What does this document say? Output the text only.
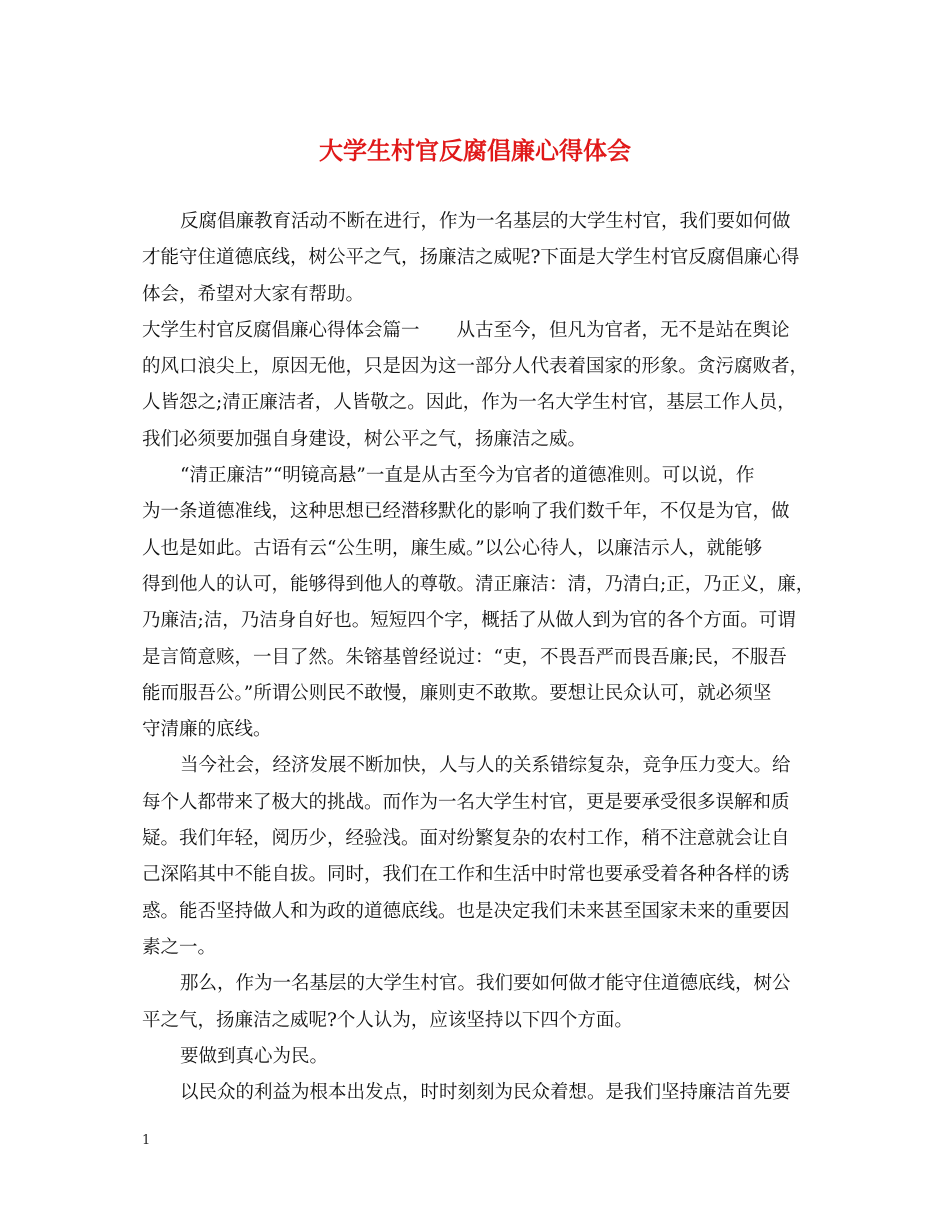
大学生村官反腐倡廉心得体会
反腐倡廉教育活动不断在进行，作为一名基层的大学生村官，我们要如何做
才能守住道德底线，树公平之气，扬廉洁之威呢?下面是大学生村官反腐倡廉心得
体会，希望对大家有帮助。
大学生村官反腐倡廉心得体会篇一　　从古至今，但凡为官者，无不是站在舆论
的风口浪尖上，原因无他，只是因为这一部分人代表着国家的形象。贪污腐败者，
人皆怨之;清正廉洁者，人皆敬之。因此，作为一名大学生村官，基层工作人员，
我们必须要加强自身建设，树公平之气，扬廉洁之威。
“清正廉洁”“明镜高悬”一直是从古至今为官者的道德准则。可以说，作
为一条道德准线，这种思想已经潜移默化的影响了我们数千年，不仅是为官，做
人也是如此。古语有云“公生明，廉生威。”以公心待人，以廉洁示人，就能够
得到他人的认可，能够得到他人的尊敬。清正廉洁：清，乃清白;正，乃正义，廉，
乃廉洁;洁，乃洁身自好也。短短四个字，概括了从做人到为官的各个方面。可谓
是言简意赅，一目了然。朱镕基曾经说过：“吏，不畏吾严而畏吾廉;民，不服吾
能而服吾公。”所谓公则民不敢慢，廉则吏不敢欺。要想让民众认可，就必须坚
守清廉的底线。
当今社会，经济发展不断加快，人与人的关系错综复杂，竞争压力变大。给
每个人都带来了极大的挑战。而作为一名大学生村官，更是要承受很多误解和质
疑。我们年轻，阅历少，经验浅。面对纷繁复杂的农村工作，稍不注意就会让自
己深陷其中不能自拔。同时，我们在工作和生活中时常也要承受着各种各样的诱
惑。能否坚持做人和为政的道德底线。也是决定我们未来甚至国家未来的重要因
素之一。
那么，作为一名基层的大学生村官。我们要如何做才能守住道德底线，树公
平之气，扬廉洁之威呢?个人认为，应该坚持以下四个方面。
要做到真心为民。
以民众的利益为根本出发点，时时刻刻为民众着想。是我们坚持廉洁首先要
1
